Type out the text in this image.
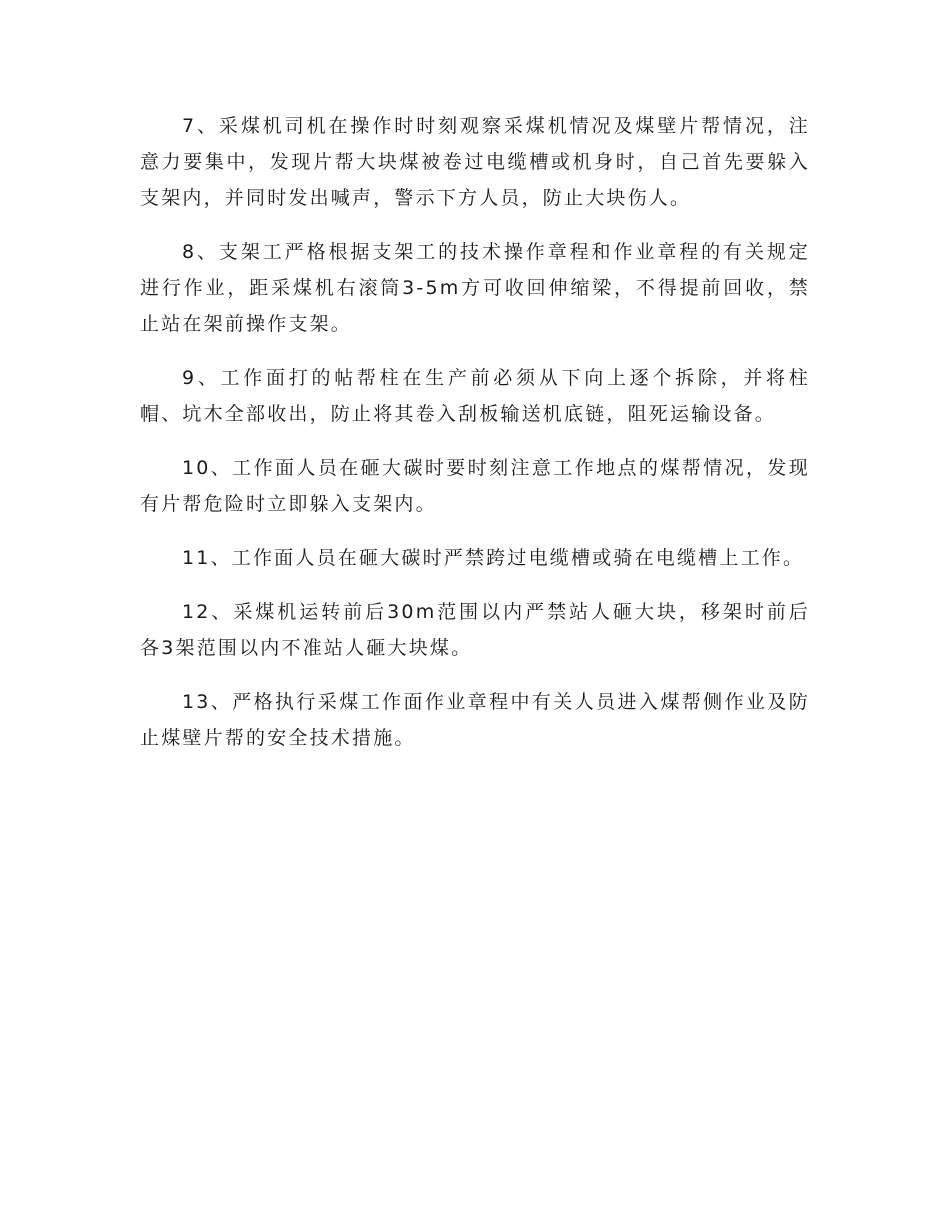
7、采煤机司机在操作时时刻观察采煤机情况及煤壁片帮情况，注意力要集中，发现片帮大块煤被卷过电缆槽或机身时，自己首先要躲入支架内，并同时发出喊声，警示下方人员，防止大块伤人。

8、支架工严格根据支架工的技术操作章程和作业章程的有关规定进行作业，距采煤机右滚筒3-5m方可收回伸缩梁，不得提前回收，禁止站在架前操作支架。

9、工作面打的帖帮柱在生产前必须从下向上逐个拆除，并将柱帽、坑木全部收出，防止将其卷入刮板输送机底链，阻死运输设备。

10、工作面人员在砸大碳时要时刻注意工作地点的煤帮情况，发现有片帮危险时立即躲入支架内。

11、工作面人员在砸大碳时严禁跨过电缆槽或骑在电缆槽上工作。

12、采煤机运转前后30m范围以内严禁站人砸大块，移架时前后各3架范围以内不准站人砸大块煤。

13、严格执行采煤工作面作业章程中有关人员进入煤帮侧作业及防止煤壁片帮的安全技术措施。
